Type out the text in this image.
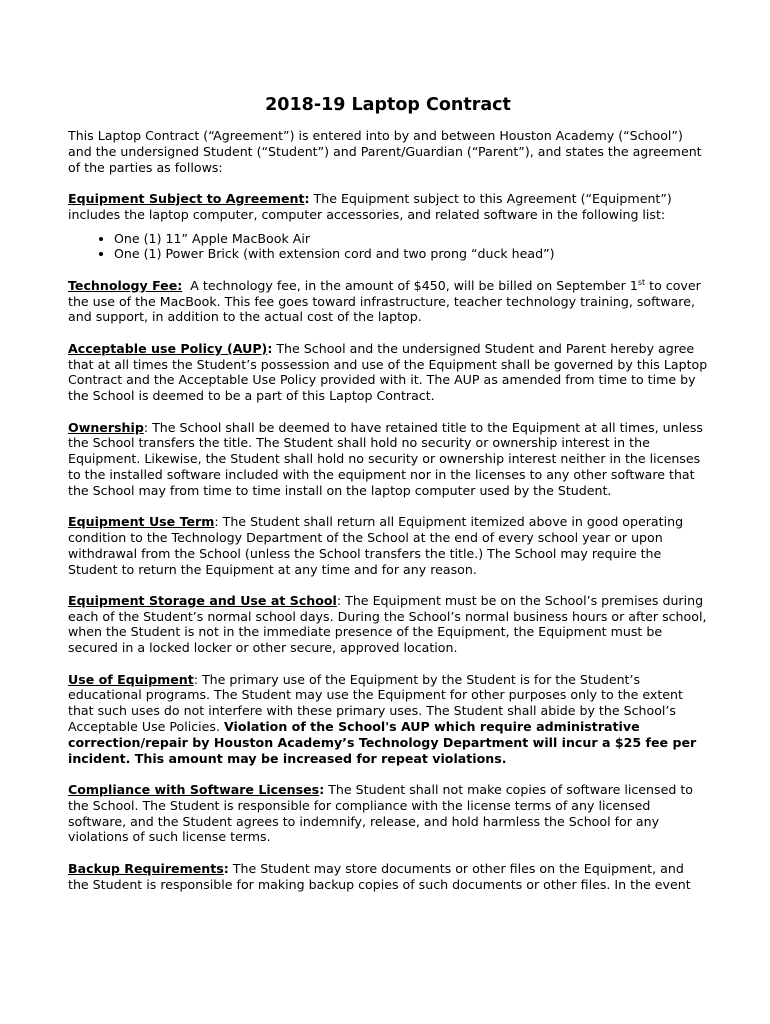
2018-19 Laptop Contract

This Laptop Contract (“Agreement”) is entered into by and between Houston Academy (“School”) and the undersigned Student (“Student”) and Parent/Guardian (“Parent”), and states the agreement of the parties as follows:

Equipment Subject to Agreement: The Equipment subject to this Agreement (“Equipment”) includes the laptop computer, computer accessories, and related software in the following list:

• One (1) 11” Apple MacBook Air
• One (1) Power Brick (with extension cord and two prong “duck head”)

Technology Fee:  A technology fee, in the amount of $450, will be billed on September 1st to cover the use of the MacBook. This fee goes toward infrastructure, teacher technology training, software, and support, in addition to the actual cost of the laptop.

Acceptable use Policy (AUP): The School and the undersigned Student and Parent hereby agree that at all times the Student’s possession and use of the Equipment shall be governed by this Laptop Contract and the Acceptable Use Policy provided with it. The AUP as amended from time to time by the School is deemed to be a part of this Laptop Contract.

Ownership: The School shall be deemed to have retained title to the Equipment at all times, unless the School transfers the title. The Student shall hold no security or ownership interest in the Equipment. Likewise, the Student shall hold no security or ownership interest neither in the licenses to the installed software included with the equipment nor in the licenses to any other software that the School may from time to time install on the laptop computer used by the Student.

Equipment Use Term: The Student shall return all Equipment itemized above in good operating condition to the Technology Department of the School at the end of every school year or upon withdrawal from the School (unless the School transfers the title.) The School may require the Student to return the Equipment at any time and for any reason.

Equipment Storage and Use at School: The Equipment must be on the School’s premises during each of the Student’s normal school days. During the School’s normal business hours or after school, when the Student is not in the immediate presence of the Equipment, the Equipment must be secured in a locked locker or other secure, approved location.

Use of Equipment: The primary use of the Equipment by the Student is for the Student’s educational programs. The Student may use the Equipment for other purposes only to the extent that such uses do not interfere with these primary uses. The Student shall abide by the School’s Acceptable Use Policies. Violation of the School's AUP which require administrative correction/repair by Houston Academy’s Technology Department will incur a $25 fee per incident. This amount may be increased for repeat violations.

Compliance with Software Licenses: The Student shall not make copies of software licensed to the School. The Student is responsible for compliance with the license terms of any licensed software, and the Student agrees to indemnify, release, and hold harmless the School for any violations of such license terms.

Backup Requirements: The Student may store documents or other files on the Equipment, and the Student is responsible for making backup copies of such documents or other files. In the event
